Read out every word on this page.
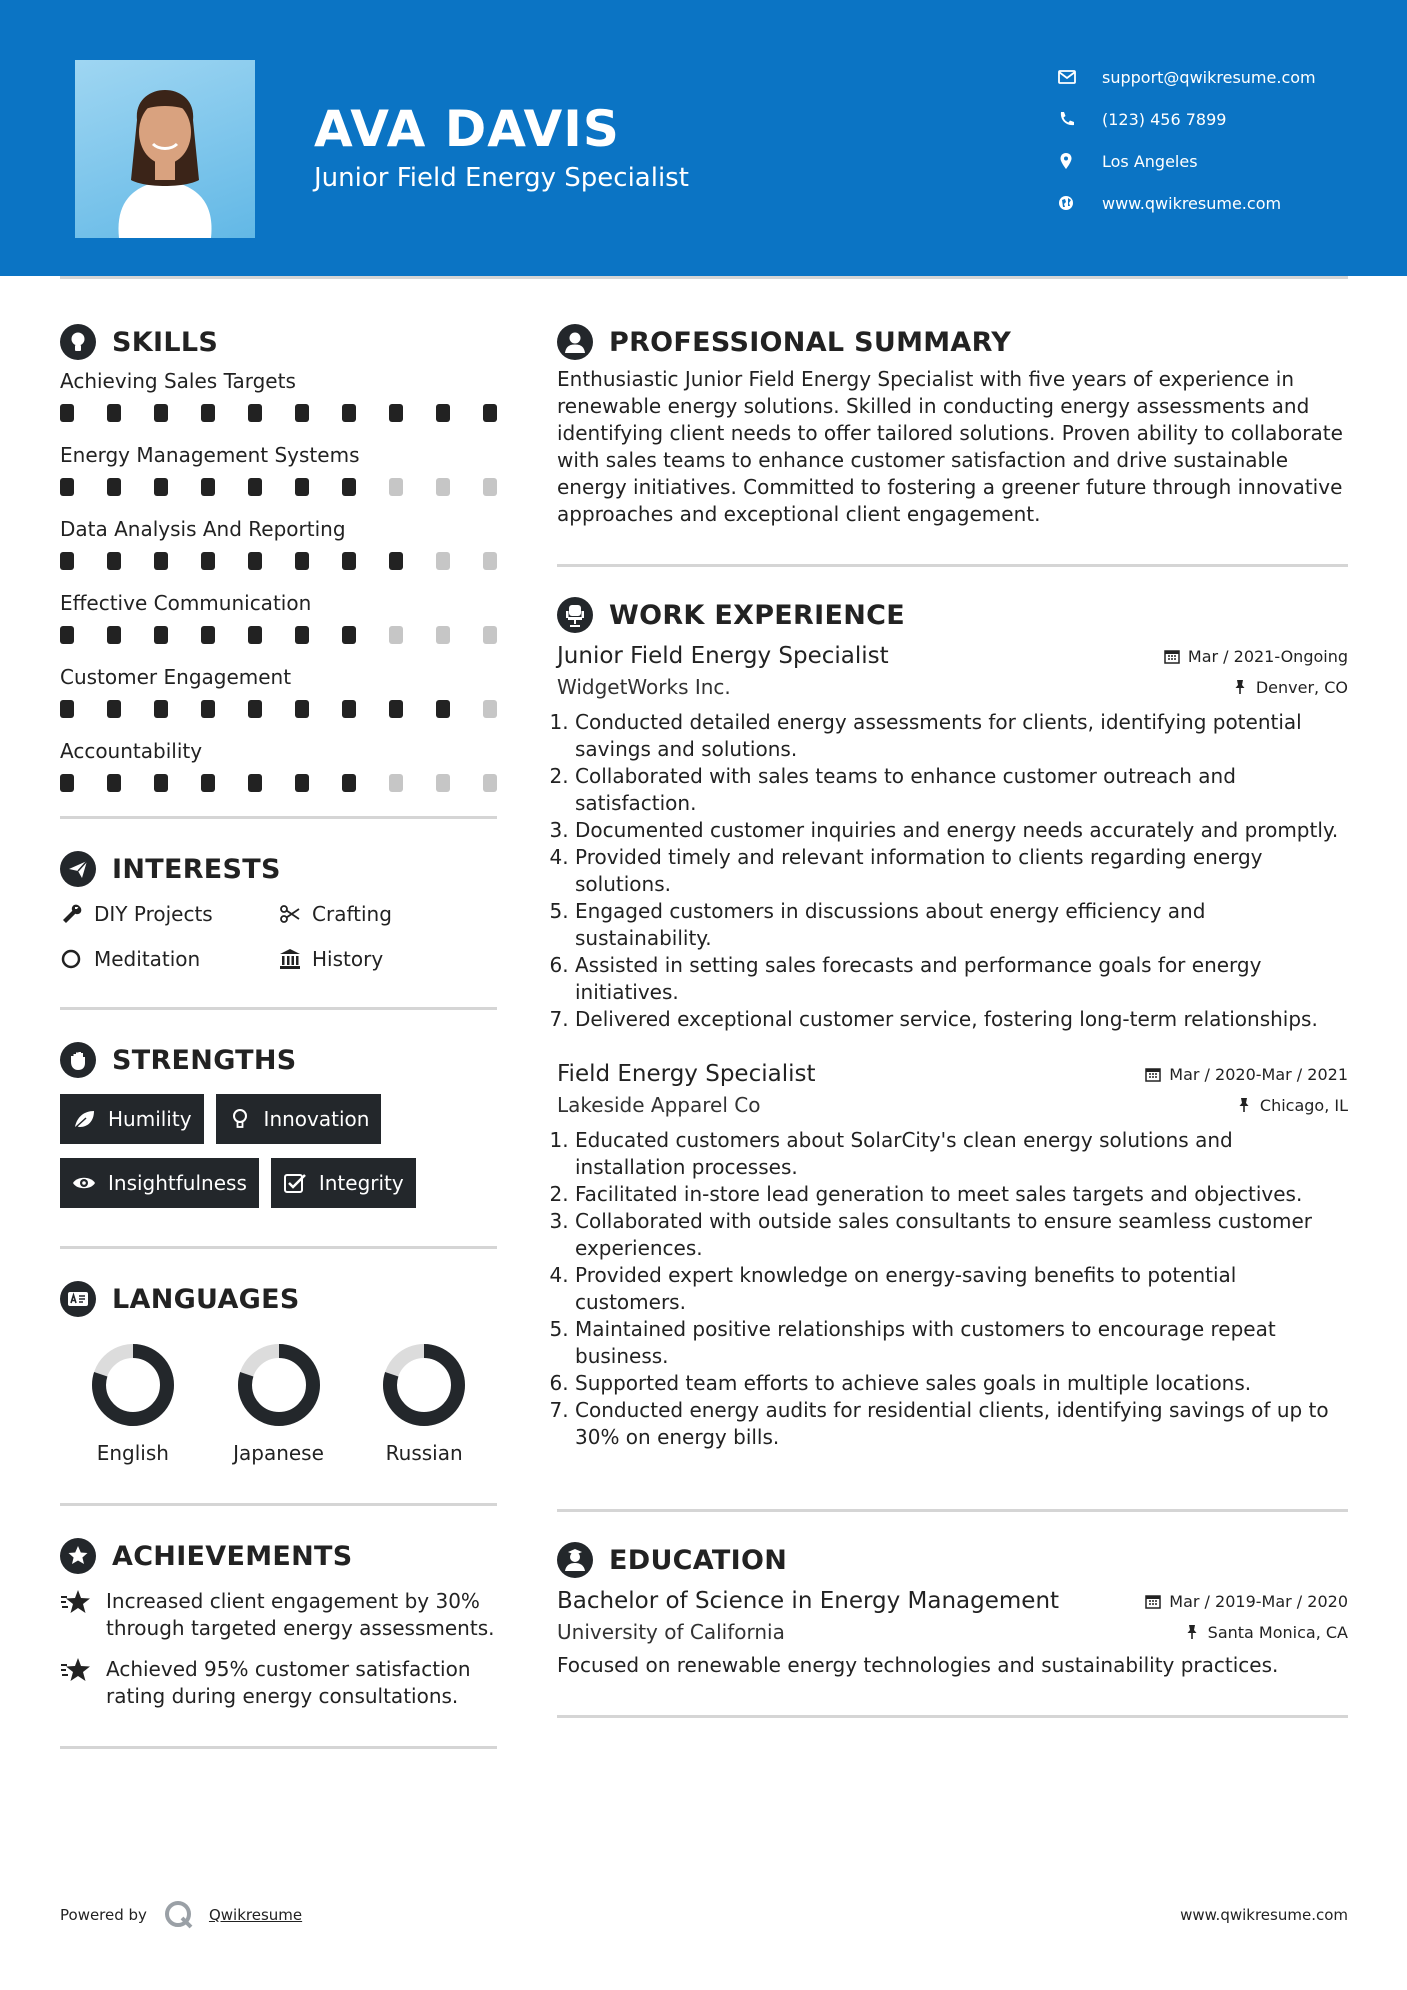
AVA DAVIS
Junior Field Energy Specialist
support@qwikresume.com
(123) 456 7899
Los Angeles
www.qwikresume.com
SKILLS
Achieving Sales Targets
Energy Management Systems
Data Analysis And Reporting
Effective Communication
Customer Engagement
Accountability
INTERESTS
DIY Projects	Crafting
Meditation	History
STRENGTHS
Humility	Innovation
Insightfulness	Integrity
LANGUAGES
English	Japanese	Russian
ACHIEVEMENTS
Increased client engagement by 30% through targeted energy assessments.
Achieved 95% customer satisfaction rating during energy consultations.
PROFESSIONAL SUMMARY
Enthusiastic Junior Field Energy Specialist with five years of experience in renewable energy solutions. Skilled in conducting energy assessments and identifying client needs to offer tailored solutions. Proven ability to collaborate with sales teams to enhance customer satisfaction and drive sustainable energy initiatives. Committed to fostering a greener future through innovative approaches and exceptional client engagement.
WORK EXPERIENCE
Junior Field Energy Specialist	Mar / 2021-Ongoing
WidgetWorks Inc.	Denver, CO
1. Conducted detailed energy assessments for clients, identifying potential savings and solutions.
2. Collaborated with sales teams to enhance customer outreach and satisfaction.
3. Documented customer inquiries and energy needs accurately and promptly.
4. Provided timely and relevant information to clients regarding energy solutions.
5. Engaged customers in discussions about energy efficiency and sustainability.
6. Assisted in setting sales forecasts and performance goals for energy initiatives.
7. Delivered exceptional customer service, fostering long-term relationships.
Field Energy Specialist	Mar / 2020-Mar / 2021
Lakeside Apparel Co	Chicago, IL
1. Educated customers about SolarCity's clean energy solutions and installation processes.
2. Facilitated in-store lead generation to meet sales targets and objectives.
3. Collaborated with outside sales consultants to ensure seamless customer experiences.
4. Provided expert knowledge on energy-saving benefits to potential customers.
5. Maintained positive relationships with customers to encourage repeat business.
6. Supported team efforts to achieve sales goals in multiple locations.
7. Conducted energy audits for residential clients, identifying savings of up to 30% on energy bills.
EDUCATION
Bachelor of Science in Energy Management	Mar / 2019-Mar / 2020
University of California	Santa Monica, CA
Focused on renewable energy technologies and sustainability practices.
Powered by	Qwikresume	www.qwikresume.com
